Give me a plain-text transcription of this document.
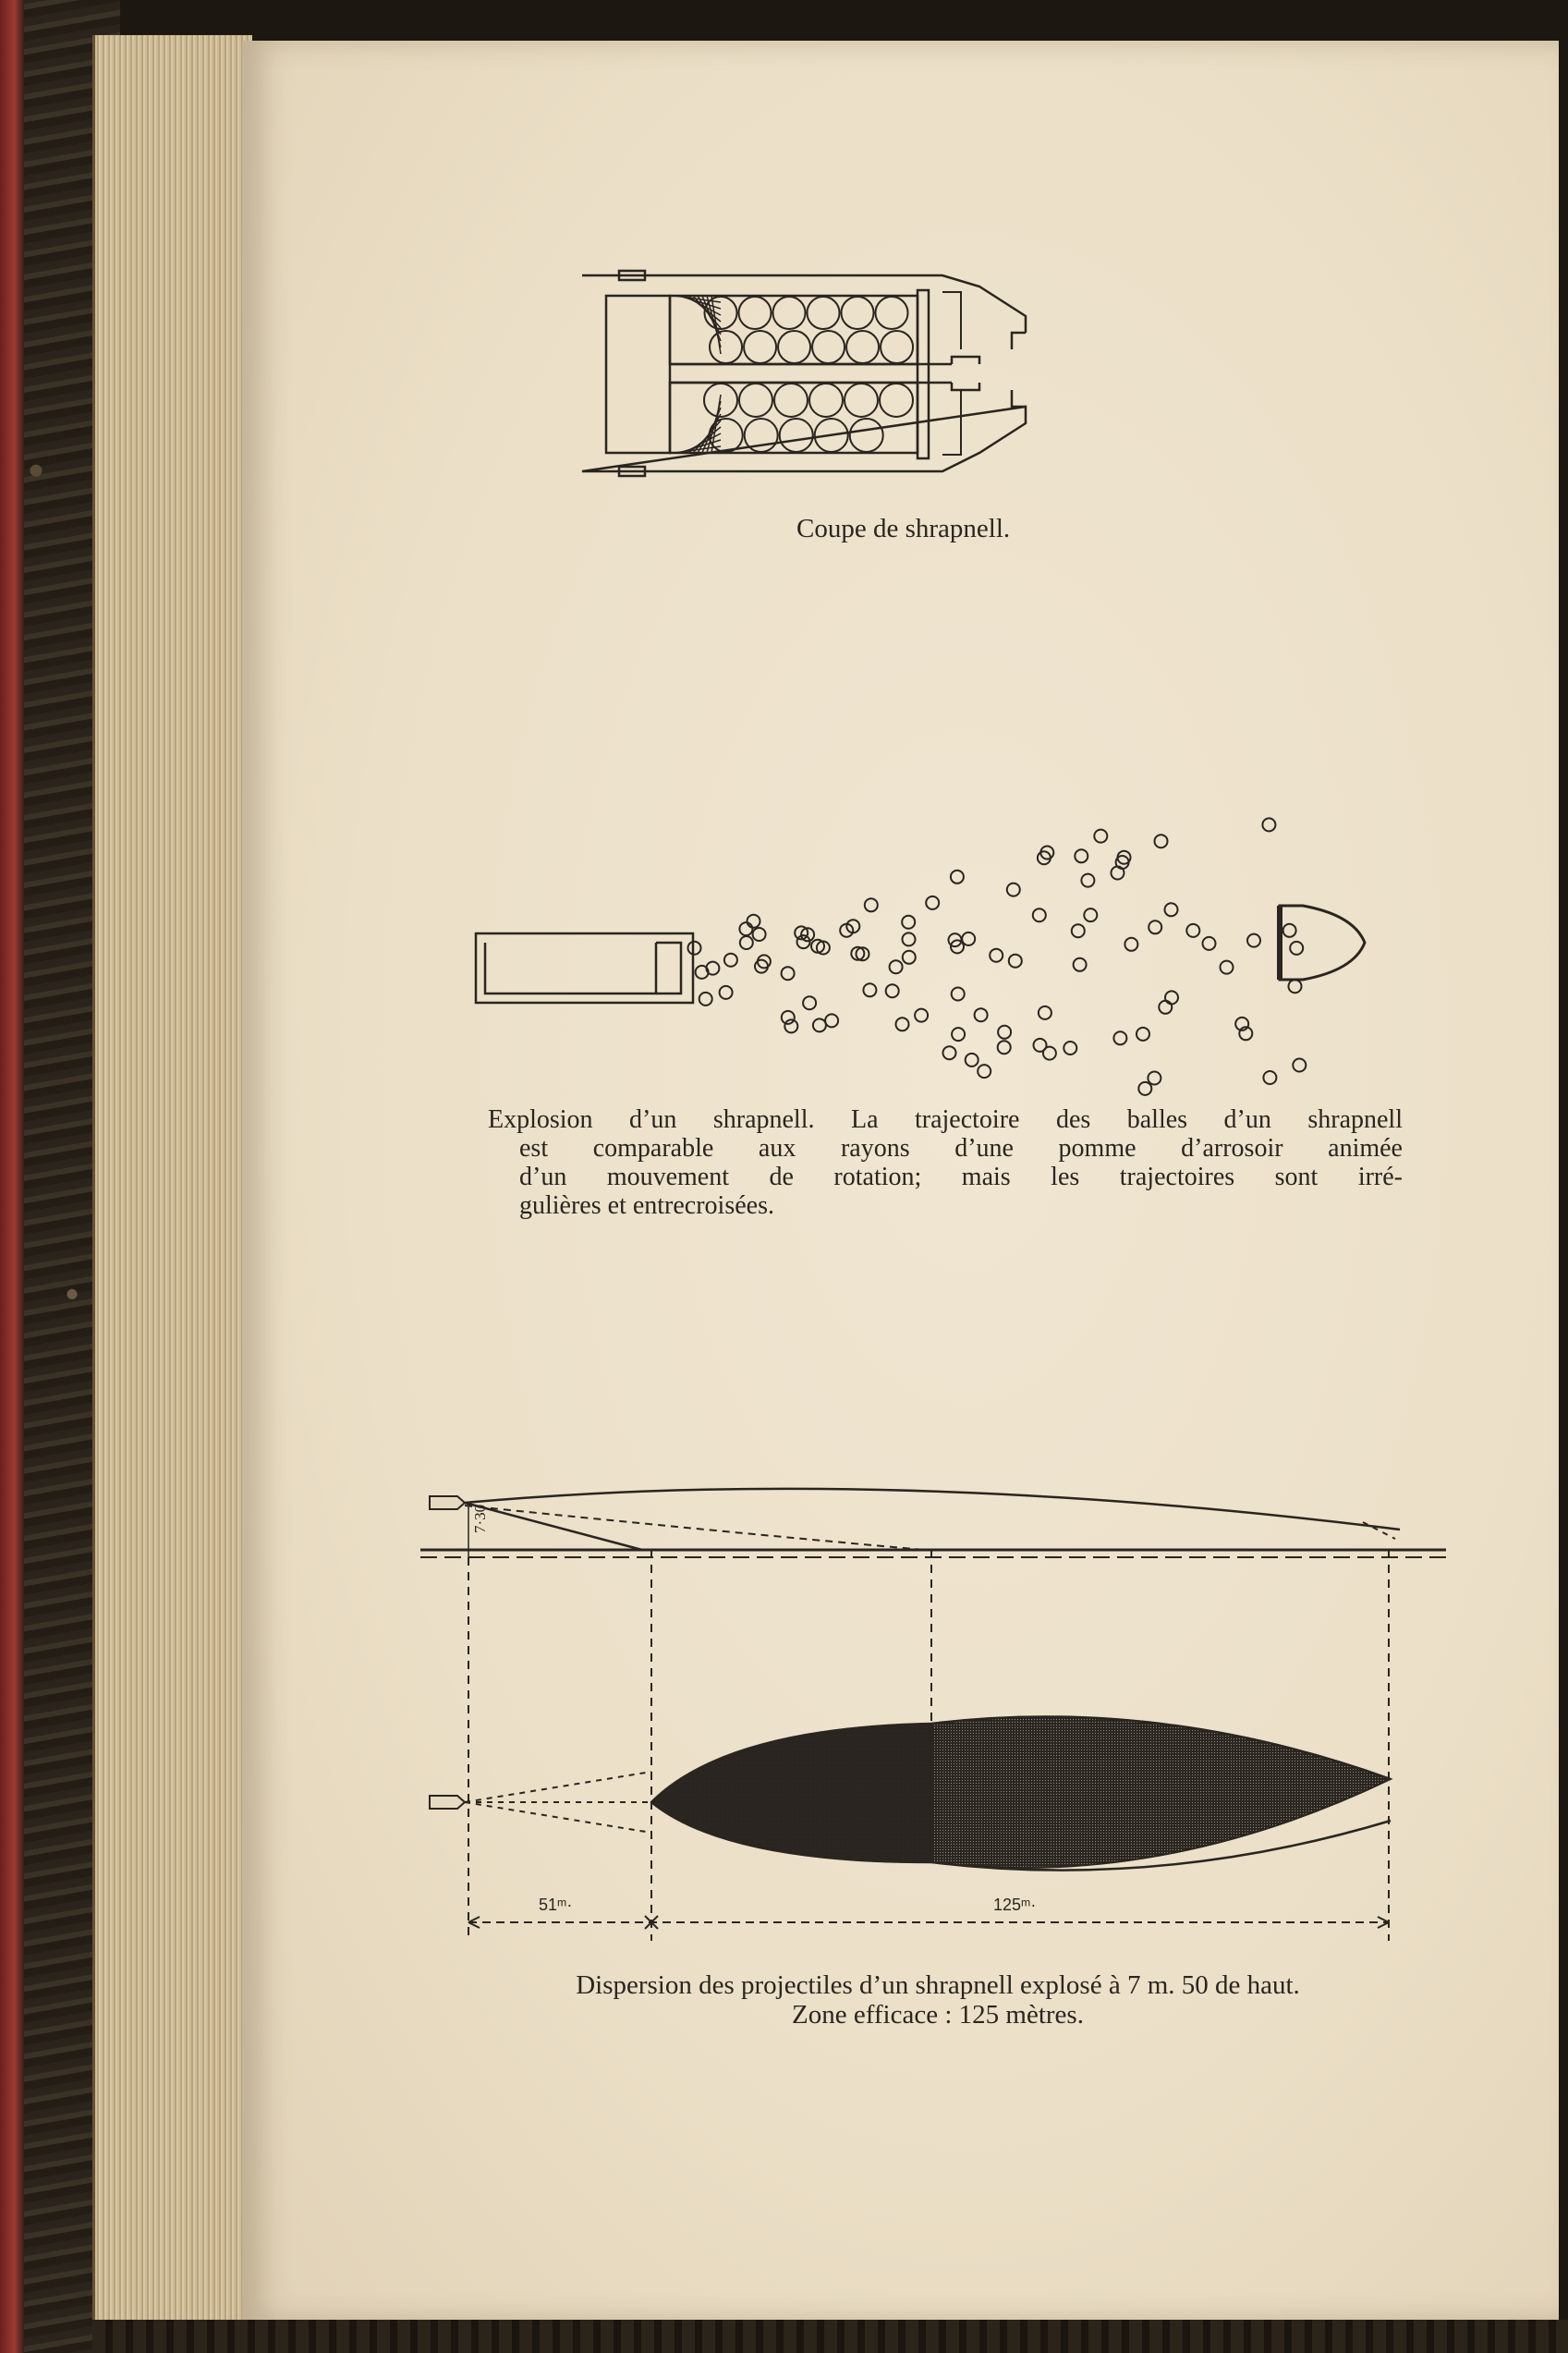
Coupe de shrapnell.

Explosion d’un shrapnell. La trajectoire des balles d’un shrapnell
est comparable aux rayons d’une pomme d’arrosoir animée
d’un mouvement de rotation; mais les trajectoires sont irré-
gulières et entrecroisées.
7·30
51ᵐ·	125ᵐ·
Dispersion des projectiles d’un shrapnell explosé à 7 m. 50 de haut.
Zone efficace : 125 mètres.
